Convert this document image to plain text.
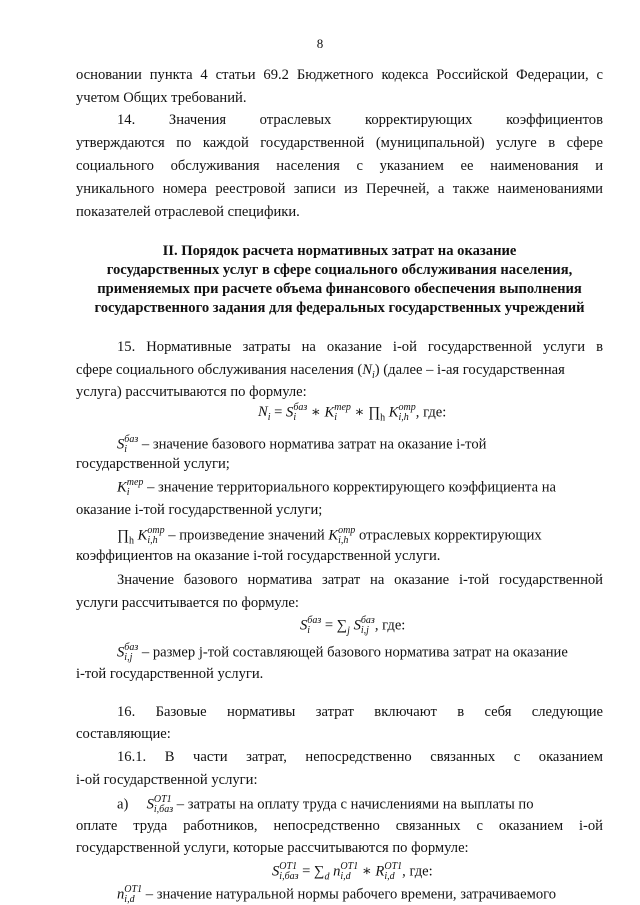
8
основании пункта 4 статьи 69.2 Бюджетного кодекса Российской Федерации, с
учетом Общих требований.
14. Значения отраслевых корректирующих коэффициентов
утверждаются по каждой государственной (муниципальной) услуге в сфере
социального обслуживания населения с указанием ее наименования и
уникального номера реестровой записи из Перечней, а также наименованиями
показателей отраслевой специфики.
II. Порядок расчета нормативных затрат на оказание
государственных услуг в сфере социального обслуживания населения,
применяемых при расчете объема финансового обеспечения выполнения
государственного задания для федеральных государственных учреждений
15. Нормативные затраты на оказание i-ой государственной услуги в
сфере социального обслуживания населения $(N_i)$ (далее – i-ая государственная
услуга) рассчитываются по формуле:
$N_i = S$ баз
i ∗ K тер
i ∗ $\prod_h$ K отр
i,h , где:
S баз
i	– значение базового норматива затрат на оказание i-той
государственной услуги;
K тер
i	– значение территориального корректирующего коэффициента на
оказание i-той государственной услуги;
$\prod_h$ K отр
i,h – произведение значений K отр
i,h отраслевых корректирующих
коэффициентов на оказание i-той государственной услуги.
Значение базового норматива затрат на оказание i-той государственной
услуги рассчитывается по формуле:
S баз
$i = \sum_j$ S баз
i,j , где:
S баз
i,j – размер j-той составляющей базового норматива затрат на оказание
i-той государственной услуги.
16. Базовые нормативы затрат включают в себя следующие
составляющие:
16.1. В части затрат, непосредственно связанных с оказанием
i-ой государственной услуги:
а) S ОТ1
i,баз – затраты на оплату труда с начислениями на выплаты по
оплате труда работников, непосредственно связанных с оказанием i-ой
государственной услуги, которые рассчитываются по формуле:
S ОТ1
$i,баз = \sum_d$ n ОТ1
i,d ∗ R ОТ1
i,d , где:
n ОТ1
i,d – значение натуральной нормы рабочего времени, затрачиваемого
